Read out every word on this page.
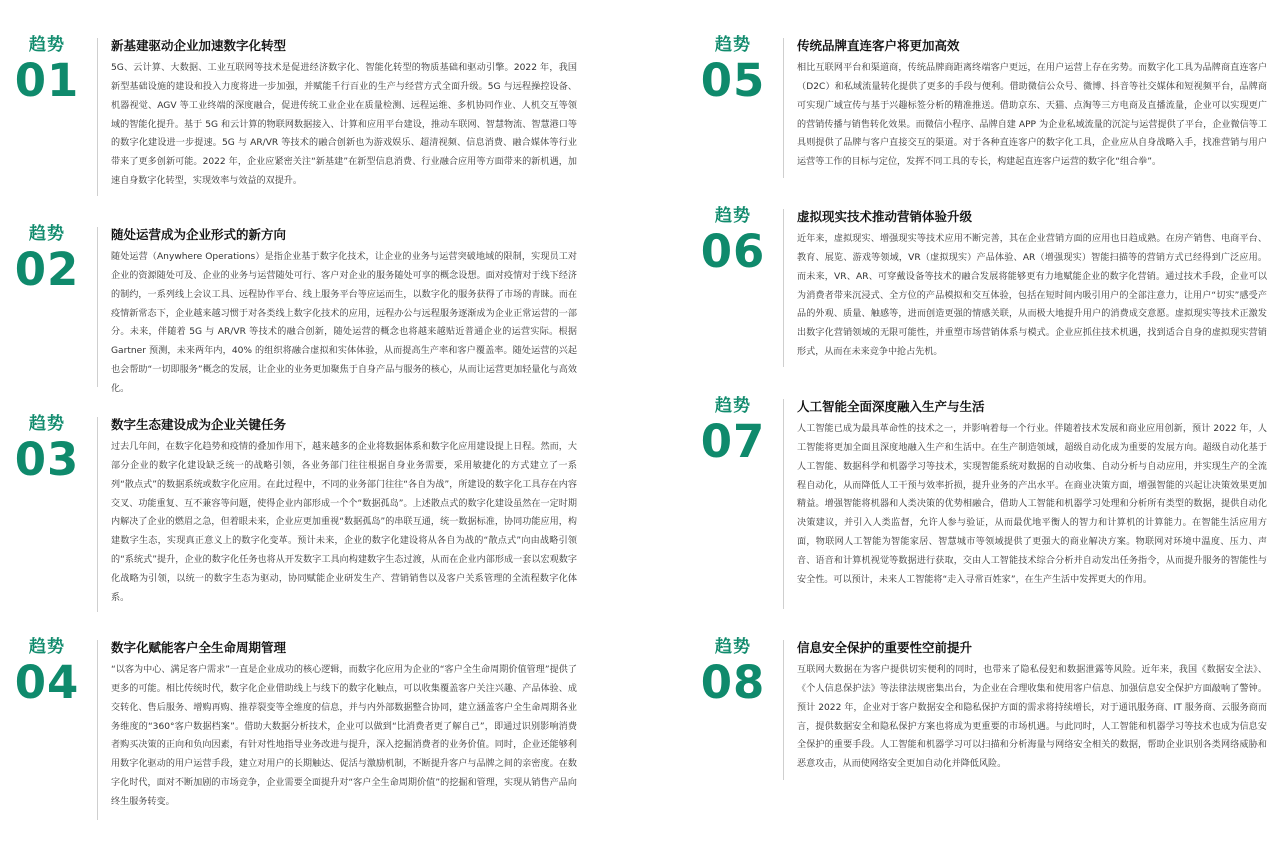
趋势
01
新基建驱动企业加速数字化转型

5G、云计算、大数据、工业互联网等技术是促进经济数字化、智能化转型的物质基础和驱动引擎。2022 年，我国新型基础设施的建设和投入力度将进一步加强，并赋能千行百业的生产与经营方式全面升级。5G 与远程操控设备、机器视觉、AGV 等工业终端的深度融合，促进传统工业企业在质量检测、远程运维、多机协同作业、人机交互等领域的智能化提升。基于 5G 和云计算的物联网数据接入、计算和应用平台建设，推动车联网、智慧物流、智慧港口等的数字化建设进一步提速。5G 与 AR/VR 等技术的融合创新也为游戏娱乐、超清视频、信息消费、融合媒体等行业带来了更多创新可能。2022 年，企业应紧密关注“新基建”在新型信息消费、行业融合应用等方面带来的新机遇，加速自身数字化转型，实现效率与效益的双提升。

趋势
02
随处运营成为企业形式的新方向

随处运营（Anywhere Operations）是指企业基于数字化技术，让企业的业务与运营突破地域的限制，实现员工对企业的资源随处可及、企业的业务与运营随处可行、客户对企业的服务随处可享的概念设想。面对疫情对于线下经济的制约，一系列线上会议工具、远程协作平台、线上服务平台等应运而生，以数字化的服务获得了市场的青睐。而在疫情新常态下，企业越来越习惯于对各类线上数字化技术的应用，远程办公与远程服务逐渐成为企业正常运营的一部分。未来，伴随着 5G 与 AR/VR 等技术的融合创新，随处运营的概念也将越来越贴近普通企业的运营实际。根据 Gartner 预测，未来两年内，40% 的组织将融合虚拟和实体体验，从而提高生产率和客户覆盖率。随处运营的兴起也会帮助“一切即服务”概念的发展，让企业的业务更加聚焦于自身产品与服务的核心，从而让运营更加轻量化与高效化。

趋势
03
数字生态建设成为企业关键任务

过去几年间，在数字化趋势和疫情的叠加作用下，越来越多的企业将数据体系和数字化应用建设提上日程。然而，大部分企业的数字化建设缺乏统一的战略引领，各业务部门往往根据自身业务需要，采用敏捷化的方式建立了一系列“散点式”的数据系统或数字化应用。在此过程中，不同的业务部门往往“各自为战”，所建设的数字化工具存在内容交叉、功能重复、互不兼容等问题，使得企业内部形成一个个“数据孤岛”。上述散点式的数字化建设虽然在一定时期内解决了企业的燃眉之急，但着眼未来，企业应更加重视“数据孤岛”的串联互通，统一数据标准，协同功能应用，构建数字生态，实现真正意义上的数字化变革。预计未来，企业的数字化建设将从各自为战的“散点式”向由战略引领的“系统式”提升，企业的数字化任务也将从开发数字工具向构建数字生态过渡，从而在企业内部形成一套以宏观数字化战略为引领，以统一的数字生态为驱动，协同赋能企业研发生产、营销销售以及客户关系管理的全流程数字化体系。

趋势
04
数字化赋能客户全生命周期管理

“以客为中心、满足客户需求”一直是企业成功的核心逻辑，而数字化应用为企业的“客户全生命周期价值管理”提供了更多的可能。相比传统时代，数字化企业借助线上与线下的数字化触点，可以收集覆盖客户关注兴趣、产品体验、成交转化、售后服务、增购再购、推荐裂变等全维度的信息，并与内外部数据整合协同，建立涵盖客户全生命周期各业务维度的“360°客户数据档案”。借助大数据分析技术，企业可以做到“比消费者更了解自己”，即通过识别影响消费者购买决策的正向和负向因素，有针对性地指导业务改进与提升，深入挖掘消费者的业务价值。同时，企业还能够利用数字化驱动的用户运营手段，建立对用户的长期触达、促活与激励机制，不断提升客户与品牌之间的亲密度。在数字化时代，面对不断加剧的市场竞争，企业需要全面提升对“客户全生命周期价值”的挖掘和管理，实现从销售产品向终生服务转变。

趋势
05
传统品牌直连客户将更加高效

相比互联网平台和渠道商，传统品牌商距离终端客户更远，在用户运营上存在劣势。而数字化工具为品牌商直连客户（D2C）和私域流量转化提供了更多的手段与便利。借助微信公众号、微博、抖音等社交媒体和短视频平台，品牌商可实现广域宣传与基于兴趣标签分析的精准推送。借助京东、天猫、点淘等三方电商及直播流量，企业可以实现更广的营销传播与销售转化效果。而微信小程序、品牌自建 APP 为企业私域流量的沉淀与运营提供了平台，企业微信等工具则提供了品牌与客户直接交互的渠道。对于各种直连客户的数字化工具，企业应从自身战略入手，找准营销与用户运营等工作的目标与定位，发挥不同工具的专长，构建起直连客户运营的数字化“组合拳”。

趋势
06
虚拟现实技术推动营销体验升级

近年来，虚拟现实、增强现实等技术应用不断完善，其在企业营销方面的应用也日趋成熟。在房产销售、电商平台、教育、展览、游戏等领域，VR（虚拟现实）产品体验、AR（增强现实）智能扫描等的营销方式已经得到广泛应用。而未来，VR、AR、可穿戴设备等技术的融合发展将能够更有力地赋能企业的数字化营销。通过技术手段，企业可以为消费者带来沉浸式、全方位的产品模拟和交互体验，包括在短时间内吸引用户的全部注意力，让用户“切实”感受产品的外观、质量、触感等，进而创造更强的情感关联，从而极大地提升用户的消费成交意愿。虚拟现实等技术正激发出数字化营销领域的无限可能性，并重塑市场营销体系与模式。企业应抓住技术机遇，找到适合自身的虚拟现实营销形式，从而在未来竞争中抢占先机。

趋势
07
人工智能全面深度融入生产与生活

人工智能已成为最具革命性的技术之一，并影响着每一个行业。伴随着技术发展和商业应用创新，预计 2022 年，人工智能将更加全面且深度地融入生产和生活中。在生产制造领域，超级自动化成为重要的发展方向。超级自动化基于人工智能、数据科学和机器学习等技术，实现智能系统对数据的自动收集、自动分析与自动应用，并实现生产的全流程自动化，从而降低人工干预与效率折损，提升业务的产出水平。在商业决策方面，增强智能的兴起让决策效果更加精益。增强智能将机器和人类决策的优势相融合，借助人工智能和机器学习处理和分析所有类型的数据，提供自动化决策建议，并引入人类监督，允许人参与验证，从而最优地平衡人的智力和计算机的计算能力。在智能生活应用方面，物联网人工智能为智能家居、智慧城市等领域提供了更强大的商业解决方案。物联网对环境中温度、压力、声音、语音和计算机视觉等数据进行获取，交由人工智能技术综合分析并自动发出任务指令，从而提升服务的智能性与安全性。可以预计，未来人工智能将“走入寻常百姓家”，在生产生活中发挥更大的作用。

趋势
08
信息安全保护的重要性空前提升

互联网大数据在为客户提供切实便利的同时，也带来了隐私侵犯和数据泄露等风险。近年来，我国《数据安全法》、《个人信息保护法》等法律法规密集出台，为企业在合理收集和使用客户信息、加强信息安全保护方面敲响了警钟。预计 2022 年，企业对于客户数据安全和隐私保护方面的需求将持续增长，对于通讯服务商、IT 服务商、云服务商而言，提供数据安全和隐私保护方案也将成为更重要的市场机遇。与此同时，人工智能和机器学习等技术也成为信息安全保护的重要手段。人工智能和机器学习可以扫描和分析海量与网络安全相关的数据，帮助企业识别各类网络威胁和恶意攻击，从而使网络安全更加自动化并降低风险。
